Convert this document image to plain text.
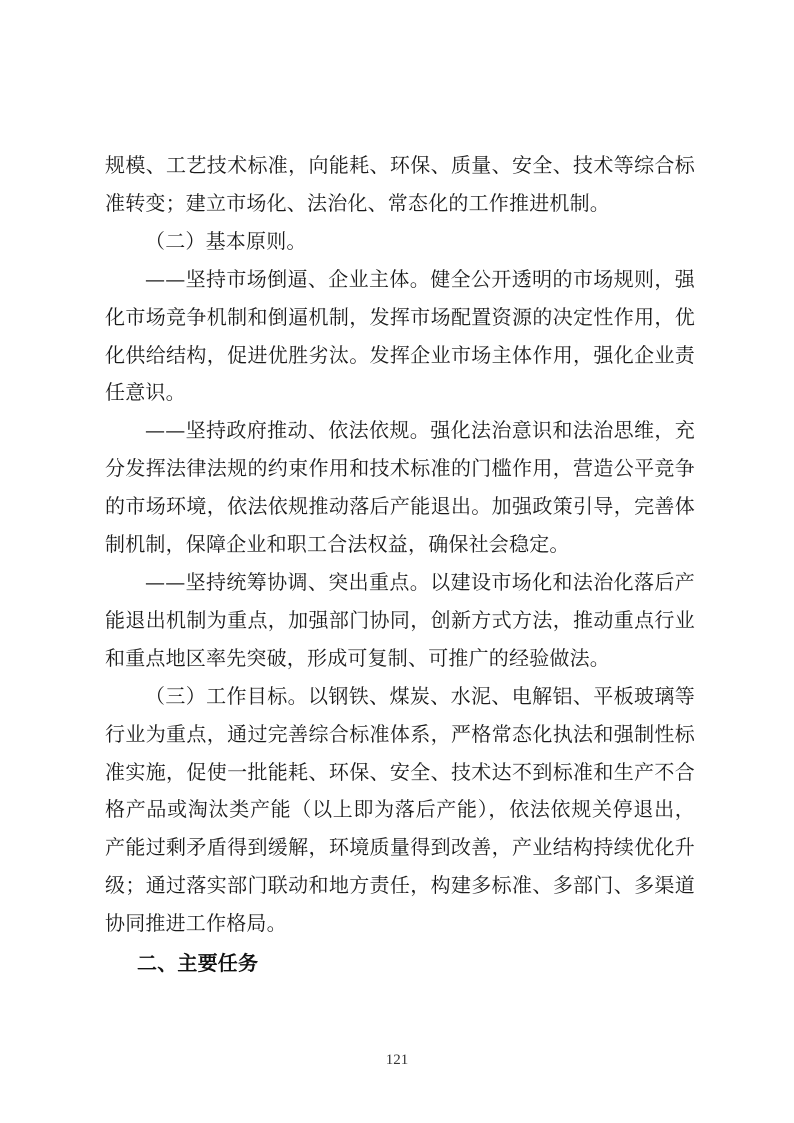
规模、工艺技术标准，向能耗、环保、质量、安全、技术等综合标准转变；建立市场化、法治化、常态化的工作推进机制。

（二）基本原则。

——坚持市场倒逼、企业主体。健全公开透明的市场规则，强化市场竞争机制和倒逼机制，发挥市场配置资源的决定性作用，优化供给结构，促进优胜劣汰。发挥企业市场主体作用，强化企业责任意识。

——坚持政府推动、依法依规。强化法治意识和法治思维，充分发挥法律法规的约束作用和技术标准的门槛作用，营造公平竞争的市场环境，依法依规推动落后产能退出。加强政策引导，完善体制机制，保障企业和职工合法权益，确保社会稳定。

——坚持统筹协调、突出重点。以建设市场化和法治化落后产能退出机制为重点，加强部门协同，创新方式方法，推动重点行业和重点地区率先突破，形成可复制、可推广的经验做法。

（三）工作目标。以钢铁、煤炭、水泥、电解铝、平板玻璃等行业为重点，通过完善综合标准体系，严格常态化执法和强制性标准实施，促使一批能耗、环保、安全、技术达不到标准和生产不合格产品或淘汰类产能（以上即为落后产能），依法依规关停退出，产能过剩矛盾得到缓解，环境质量得到改善，产业结构持续优化升级；通过落实部门联动和地方责任，构建多标准、多部门、多渠道协同推进工作格局。

二、主要任务

121
